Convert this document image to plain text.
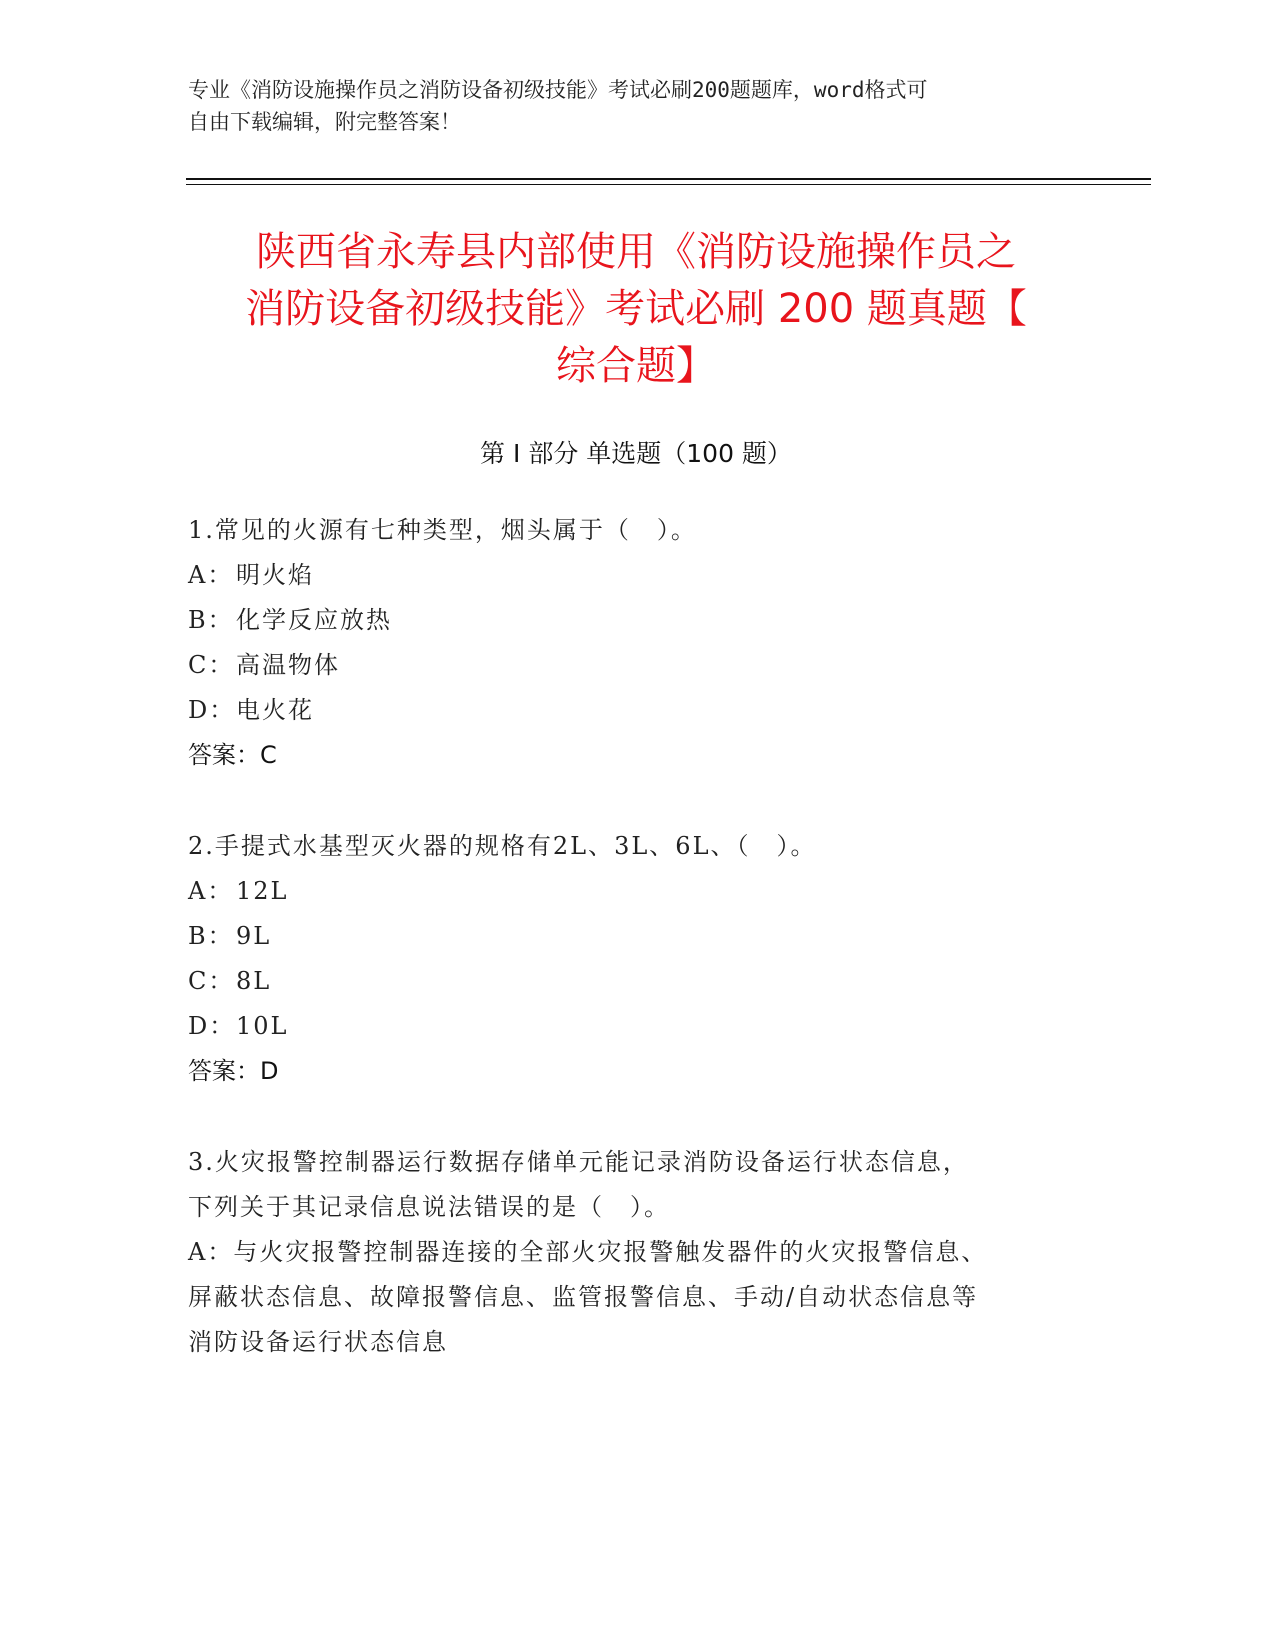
专业《消防设施操作员之消防设备初级技能》考试必刷200题题库，word格式可
自由下载编辑，附完整答案！
陕西省永寿县内部使用《消防设施操作员之
消防设备初级技能》考试必刷 200 题真题【
综合题】
第 I 部分 单选题（100 题）
1.常见的火源有七种类型，烟头属于（　）。
A： 明火焰
B：化学反应放热
C：高温物体
D：电火花
答案：C
2.手提式水基型灭火器的规格有2L、3L、6L、（　）。
A： 12L
B：9L
C：8L
D：10L
答案：D
3.火灾报警控制器运行数据存储单元能记录消防设备运行状态信息，
下列关于其记录信息说法错误的是（　）。
A：与火灾报警控制器连接的全部火灾报警触发器件的火灾报警信息、
屏蔽状态信息、故障报警信息、监管报警信息、手动/自动状态信息等
消防设备运行状态信息
